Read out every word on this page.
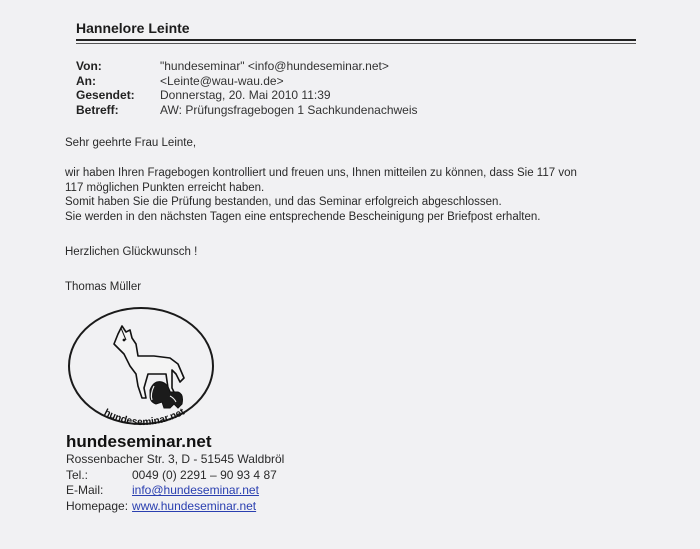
Hannelore Leinte
Von:	"hundeseminar" <info@hundeseminar.net>
An:	<Leinte@wau-wau.de>
Gesendet:	Donnerstag, 20. Mai 2010 11:39
Betreff:	AW: Prüfungsfragebogen 1 Sachkundenachweis

Sehr geehrte Frau Leinte,

wir haben Ihren Fragebogen kontrolliert und freuen uns, Ihnen mitteilen zu können, dass Sie 117 von

117 möglichen Punkten erreicht haben.

Somit haben Sie die Prüfung bestanden, und das Seminar erfolgreich abgeschlossen.

Sie werden in den nächsten Tagen eine entsprechende Bescheinigung per Briefpost erhalten.

Herzlichen Glückwunsch !

Thomas Müller

hundeseminar.net
hundeseminar.net
Rossenbacher Str. 3, D - 51545 Waldbröl
Tel.:	0049 (0) 2291 – 90 93 4 87
E-Mail:	info@hundeseminar.net
Homepage: www.hundeseminar.net
